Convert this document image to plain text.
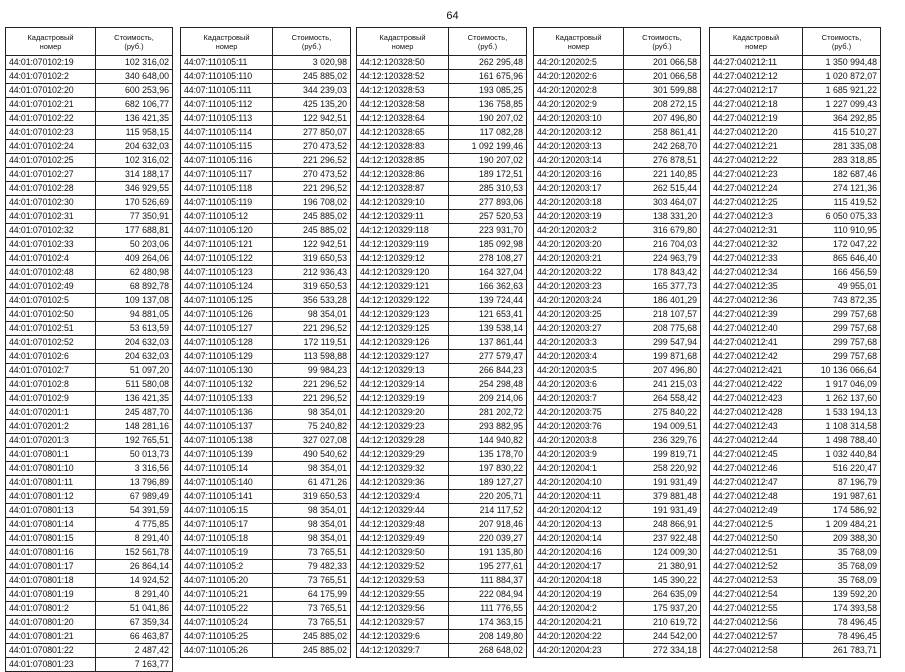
64
Кадастровый
номер	Стоимость,
(руб.)

44:01:070102:19	102 316,02
44:01:070102:2	340 648,00
44:01:070102:20	600 253,96
44:01:070102:21	682 106,77
44:01:070102:22	136 421,35
44:01:070102:23	115 958,15
44:01:070102:24	204 632,03
44:01:070102:25	102 316,02
44:01:070102:27	314 188,17
44:01:070102:28	346 929,55
44:01:070102:30	170 526,69
44:01:070102:31	77 350,91
44:01:070102:32	177 688,81
44:01:070102:33	50 203,06
44:01:070102:4	409 264,06
44:01:070102:48	62 480,98
44:01:070102:49	68 892,78
44:01:070102:5	109 137,08
44:01:070102:50	94 881,05
44:01:070102:51	53 613,59
44:01:070102:52	204 632,03
44:01:070102:6	204 632,03
44:01:070102:7	51 097,20
44:01:070102:8	511 580,08
44:01:070102:9	136 421,35
44:01:070201:1	245 487,70
44:01:070201:2	148 281,16
44:01:070201:3	192 765,51
44:01:070801:1	50 013,73
44:01:070801:10	3 316,56
44:01:070801:11	13 796,89
44:01:070801:12	67 989,49
44:01:070801:13	54 391,59
44:01:070801:14	4 775,85
44:01:070801:15	8 291,40
44:01:070801:16	152 561,78
44:01:070801:17	26 864,14
44:01:070801:18	14 924,52
44:01:070801:19	8 291,40
44:01:070801:2	51 041,86
44:01:070801:20	67 359,34
44:01:070801:21	66 463,87
44:01:070801:22	2 487,42
44:01:070801:23	7 163,77
Кадастровый
номер	Стоимость,
(руб.)

44:07:110105:11	3 020,98
44:07:110105:110	245 885,02
44:07:110105:111	344 239,03
44:07:110105:112	425 135,20
44:07:110105:113	122 942,51
44:07:110105:114	277 850,07
44:07:110105:115	270 473,52
44:07:110105:116	221 296,52
44:07:110105:117	270 473,52
44:07:110105:118	221 296,52
44:07:110105:119	196 708,02
44:07:110105:12	245 885,02
44:07:110105:120	245 885,02
44:07:110105:121	122 942,51
44:07:110105:122	319 650,53
44:07:110105:123	212 936,43
44:07:110105:124	319 650,53
44:07:110105:125	356 533,28
44:07:110105:126	98 354,01
44:07:110105:127	221 296,52
44:07:110105:128	172 119,51
44:07:110105:129	113 598,88
44:07:110105:130	99 984,23
44:07:110105:132	221 296,52
44:07:110105:133	221 296,52
44:07:110105:136	98 354,01
44:07:110105:137	75 240,82
44:07:110105:138	327 027,08
44:07:110105:139	490 540,62
44:07:110105:14	98 354,01
44:07:110105:140	61 471,26
44:07:110105:141	319 650,53
44:07:110105:15	98 354,01
44:07:110105:17	98 354,01
44:07:110105:18	98 354,01
44:07:110105:19	73 765,51
44:07:110105:2	79 482,33
44:07:110105:20	73 765,51
44:07:110105:21	64 175,99
44:07:110105:22	73 765,51
44:07:110105:24	73 765,51
44:07:110105:25	245 885,02
44:07:110105:26	245 885,02
Кадастровый
номер	Стоимость,
(руб.)

44:12:120328:50	262 295,48
44:12:120328:52	161 675,96
44:12:120328:53	193 085,25
44:12:120328:58	136 758,85
44:12:120328:64	190 207,02
44:12:120328:65	117 082,28
44:12:120328:83	1 092 199,46
44:12:120328:85	190 207,02
44:12:120328:86	189 172,51
44:12:120328:87	285 310,53
44:12:120329:10	277 893,06
44:12:120329:11	257 520,53
44:12:120329:118	223 931,70
44:12:120329:119	185 092,98
44:12:120329:12	278 108,27
44:12:120329:120	164 327,04
44:12:120329:121	166 362,63
44:12:120329:122	139 724,44
44:12:120329:123	121 653,41
44:12:120329:125	139 538,14
44:12:120329:126	137 861,44
44:12:120329:127	277 579,47
44:12:120329:13	266 844,23
44:12:120329:14	254 298,48
44:12:120329:19	209 214,06
44:12:120329:20	281 202,72
44:12:120329:23	293 882,95
44:12:120329:28	144 940,82
44:12:120329:29	135 178,70
44:12:120329:32	197 830,22
44:12:120329:36	189 127,27
44:12:120329:4	220 205,71
44:12:120329:44	214 117,52
44:12:120329:48	207 918,46
44:12:120329:49	220 039,27
44:12:120329:50	191 135,80
44:12:120329:52	195 277,61
44:12:120329:53	111 884,37
44:12:120329:55	222 084,94
44:12:120329:56	111 776,55
44:12:120329:57	174 363,15
44:12:120329:6	208 149,80
44:12:120329:7	268 648,02
Кадастровый
номер	Стоимость,
(руб.)

44:20:120202:5	201 066,58
44:20:120202:6	201 066,58
44:20:120202:8	301 599,88
44:20:120202:9	208 272,15
44:20:120203:10	207 496,80
44:20:120203:12	258 861,41
44:20:120203:13	242 268,70
44:20:120203:14	276 878,51
44:20:120203:16	221 140,85
44:20:120203:17	262 515,44
44:20:120203:18	303 464,07
44:20:120203:19	138 331,20
44:20:120203:2	316 679,80
44:20:120203:20	216 704,03
44:20:120203:21	224 963,79
44:20:120203:22	178 843,42
44:20:120203:23	165 377,73
44:20:120203:24	186 401,29
44:20:120203:25	218 107,57
44:20:120203:27	208 775,68
44:20:120203:3	299 547,94
44:20:120203:4	199 871,68
44:20:120203:5	207 496,80
44:20:120203:6	241 215,03
44:20:120203:7	264 558,42
44:20:120203:75	275 840,22
44:20:120203:76	194 009,51
44:20:120203:8	236 329,76
44:20:120203:9	199 819,71
44:20:120204:1	258 220,92
44:20:120204:10	191 931,49
44:20:120204:11	379 881,48
44:20:120204:12	191 931,49
44:20:120204:13	248 866,91
44:20:120204:14	237 922,48
44:20:120204:16	124 009,30
44:20:120204:17	21 380,91
44:20:120204:18	145 390,22
44:20:120204:19	264 635,09
44:20:120204:2	175 937,20
44:20:120204:21	210 619,72
44:20:120204:22	244 542,00
44:20:120204:23	272 334,18
Кадастровый
номер	Стоимость,
(руб.)

44:27:040212:11	1 350 994,48
44:27:040212:12	1 020 872,07
44:27:040212:17	1 685 921,22
44:27:040212:18	1 227 099,43
44:27:040212:19	364 292,85
44:27:040212:20	415 510,27
44:27:040212:21	281 335,08
44:27:040212:22	283 318,85
44:27:040212:23	182 687,46
44:27:040212:24	274 121,36
44:27:040212:25	115 419,52
44:27:040212:3	6 050 075,33
44:27:040212:31	110 910,95
44:27:040212:32	172 047,22
44:27:040212:33	865 646,40
44:27:040212:34	166 456,59
44:27:040212:35	49 955,01
44:27:040212:36	743 872,35
44:27:040212:39	299 757,68
44:27:040212:40	299 757,68
44:27:040212:41	299 757,68
44:27:040212:42	299 757,68
44:27:040212:421	10 136 066,64
44:27:040212:422	1 917 046,09
44:27:040212:423	1 262 137,60
44:27:040212:428	1 533 194,13
44:27:040212:43	1 108 314,58
44:27:040212:44	1 498 788,40
44:27:040212:45	1 032 440,84
44:27:040212:46	516 220,47
44:27:040212:47	87 196,79
44:27:040212:48	191 987,61
44:27:040212:49	174 586,92
44:27:040212:5	1 209 484,21
44:27:040212:50	209 388,30
44:27:040212:51	35 768,09
44:27:040212:52	35 768,09
44:27:040212:53	35 768,09
44:27:040212:54	139 592,20
44:27:040212:55	174 393,58
44:27:040212:56	78 496,45
44:27:040212:57	78 496,45
44:27:040212:58	261 783,71
